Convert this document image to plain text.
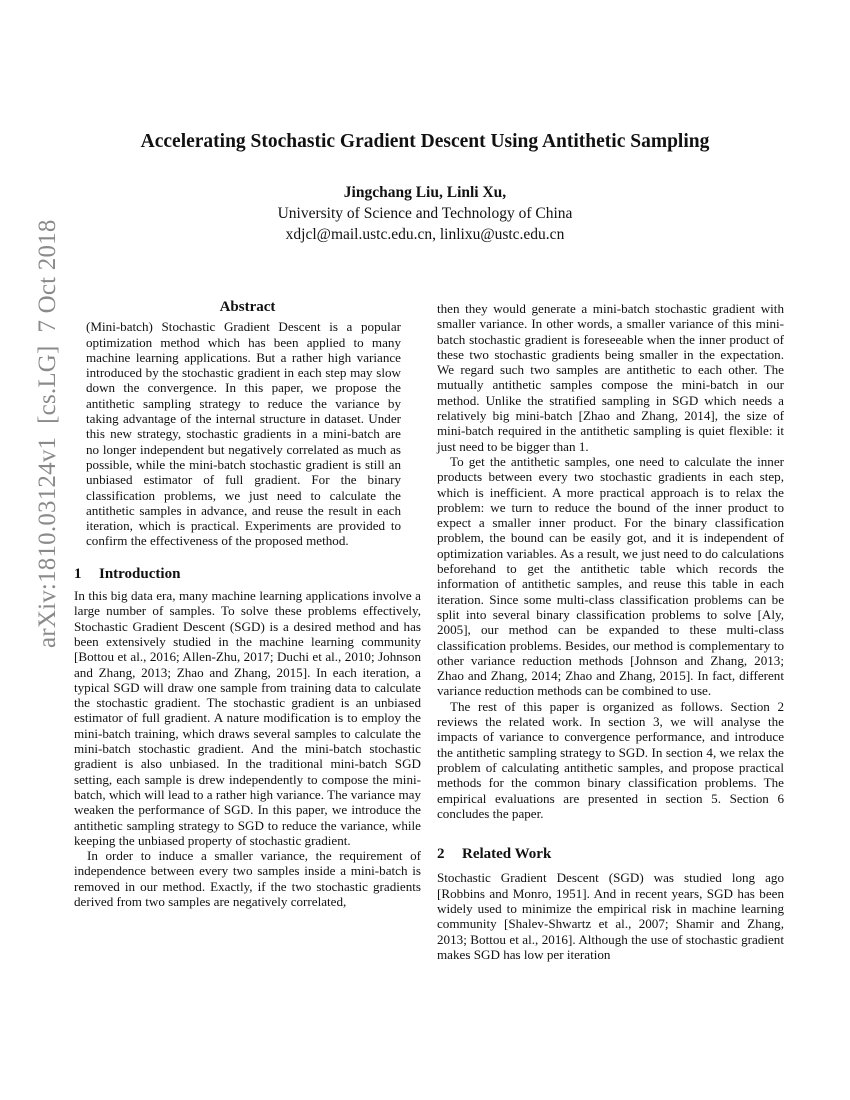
arXiv:1810.03124v1  [cs.LG]  7 Oct 2018
Accelerating Stochastic Gradient Descent Using Antithetic Sampling
Jingchang Liu, Linli Xu,
University of Science and Technology of China
xdjcl@mail.ustc.edu.cn, linlixu@ustc.edu.cn
Abstract

(Mini-batch) Stochastic Gradient Descent is a popular optimization method which has been applied to many machine learning applications. But a rather high variance introduced by the stochastic gradient in each step may slow down the convergence. In this paper, we propose the antithetic sampling strategy to reduce the variance by taking advantage of the internal structure in dataset. Under this new strategy, stochastic gradients in a mini-batch are no longer independent but negatively correlated as much as possible, while the mini-batch stochastic gradient is still an unbiased estimator of full gradient. For the binary classification problems, we just need to calculate the antithetic samples in advance, and reuse the result in each iteration, which is practical. Experiments are provided to confirm the effectiveness of the proposed method.

1 Introduction

In this big data era, many machine learning applications involve a large number of samples. To solve these problems effectively, Stochastic Gradient Descent (SGD) is a desired method and has been extensively studied in the machine learning community [Bottou et al., 2016; Allen-Zhu, 2017; Duchi et al., 2010; Johnson and Zhang, 2013; Zhao and Zhang, 2015]. In each iteration, a typical SGD will draw one sample from training data to calculate the stochastic gradient. The stochastic gradient is an unbiased estimator of full gradient. A nature modification is to employ the mini-batch training, which draws several samples to calculate the mini-batch stochastic gradient. And the mini-batch stochastic gradient is also unbiased. In the traditional mini-batch SGD setting, each sample is drew independently to compose the mini-batch, which will lead to a rather high variance. The variance may weaken the performance of SGD. In this paper, we introduce the antithetic sampling strategy to SGD to reduce the variance, while keeping the unbiased property of stochastic gradient.

In order to induce a smaller variance, the requirement of independence between every two samples inside a mini-batch is removed in our method. Exactly, if the two stochastic gradients derived from two samples are negatively correlated,

then they would generate a mini-batch stochastic gradient with smaller variance. In other words, a smaller variance of this mini-batch stochastic gradient is foreseeable when the inner product of these two stochastic gradients being smaller in the expectation. We regard such two samples are antithetic to each other. The mutually antithetic samples compose the mini-batch in our method. Unlike the stratified sampling in SGD which needs a relatively big mini-batch [Zhao and Zhang, 2014], the size of mini-batch required in the antithetic sampling is quiet flexible: it just need to be bigger than 1.

To get the antithetic samples, one need to calculate the inner products between every two stochastic gradients in each step, which is inefficient. A more practical approach is to relax the problem: we turn to reduce the bound of the inner product to expect a smaller inner product. For the binary classification problem, the bound can be easily got, and it is independent of optimization variables. As a result, we just need to do calculations beforehand to get the antithetic table which records the information of antithetic samples, and reuse this table in each iteration. Since some multi-class classification problems can be split into several binary classification problems to solve [Aly, 2005], our method can be expanded to these multi-class classification problems. Besides, our method is complementary to other variance reduction methods [Johnson and Zhang, 2013; Zhao and Zhang, 2014; Zhao and Zhang, 2015]. In fact, different variance reduction methods can be combined to use.

The rest of this paper is organized as follows. Section 2 reviews the related work. In section 3, we will analyse the impacts of variance to convergence performance, and introduce the antithetic sampling strategy to SGD. In section 4, we relax the problem of calculating antithetic samples, and propose practical methods for the common binary classification problems. The empirical evaluations are presented in section 5. Section 6 concludes the paper.

2 Related Work

Stochastic Gradient Descent (SGD) was studied long ago [Robbins and Monro, 1951]. And in recent years, SGD has been widely used to minimize the empirical risk in machine learning community [Shalev-Shwartz et al., 2007; Shamir and Zhang, 2013; Bottou et al., 2016]. Although the use of stochastic gradient makes SGD has low per iteration
